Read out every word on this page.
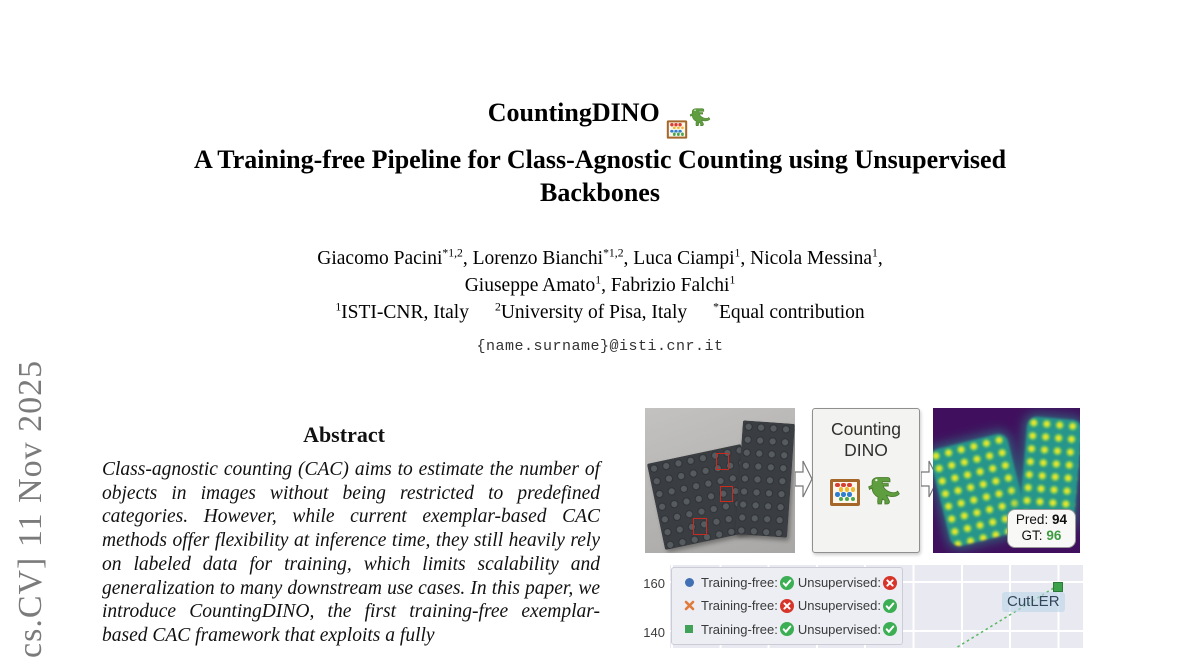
cs.CV] 11 Nov 2025
CountingDINO
A Training-free Pipeline for Class-Agnostic Counting using Unsupervised
Backbones
Giacomo Pacini$^{*1,2}$, Lorenzo Bianchi$^{*1,2}$, Luca Ciampi$^1$, Nicola Messina$^1$,
Giuseppe Amato$^1$, Fabrizio Falchi$^1$
$^1$ISTI-CNR, Italy $^2$University of Pisa, Italy *Equal contribution
{name.surname}@isti.cnr.it
Abstract
Class-agnostic counting (CAC) aims to estimate the number of objects in images without being restricted to predefined categories. However, while current exemplar-based CAC methods offer flexibility at inference time, they still heavily rely on labeled data for training, which limits scalability and generalization to many downstream use cases. In this paper, we introduce CountingDINO, the first training-free exemplar-based CAC framework that exploits a fully
Counting
DINO
Pred: 94
GT: 96
160
140
CutLER
Training-free: Unsupervised:
Training-free: Unsupervised:
Training-free: Unsupervised:
